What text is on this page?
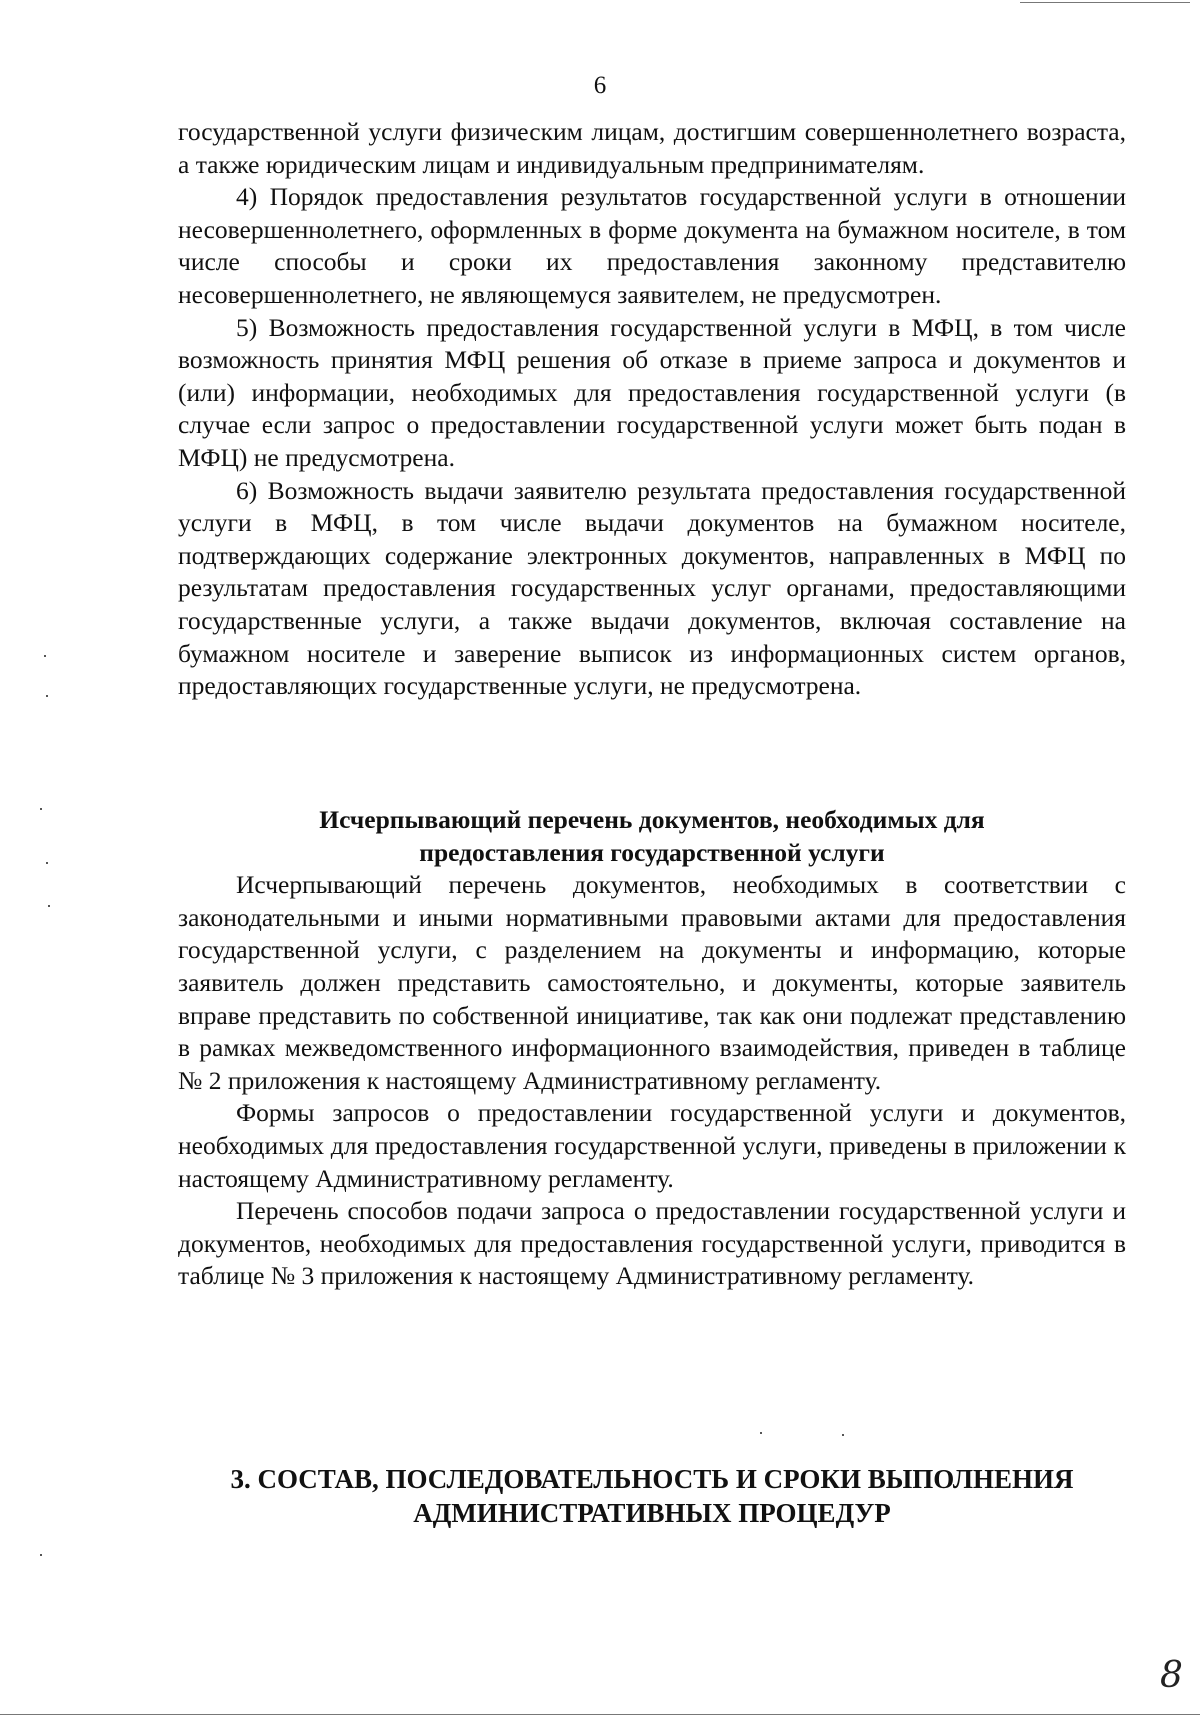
6

государственной услуги физическим лицам, достигшим совершеннолетнего возраста, а также юридическим лицам и индивидуальным предпринимателям.

4) Порядок предоставления результатов государственной услуги в отношении несовершеннолетнего, оформленных в форме документа на бумажном носителе, в том числе способы и сроки их предоставления законному представителю несовершеннолетнего, не являющемуся заявителем, не предусмотрен.

5) Возможность предоставления государственной услуги в МФЦ, в том числе возможность принятия МФЦ решения об отказе в приеме запроса и документов и (или) информации, необходимых для предоставления государственной услуги (в случае если запрос о предоставлении государственной услуги может быть подан в МФЦ) не предусмотрена.

6) Возможность выдачи заявителю результата предоставления государственной услуги в МФЦ, в том числе выдачи документов на бумажном носителе, подтверждающих содержание электронных документов, направленных в МФЦ по результатам предоставления государственных услуг органами, предоставляющими государственные услуги, а также выдачи документов, включая составление на бумажном носителе и заверение выписок из информационных систем органов, предоставляющих государственные услуги, не предусмотрена.

Исчерпывающий перечень документов, необходимых для
предоставления государственной услуги

Исчерпывающий перечень документов, необходимых в соответствии с законодательными и иными нормативными правовыми актами для предоставления государственной услуги, с разделением на документы и информацию, которые заявитель должен представить самостоятельно, и документы, которые заявитель вправе представить по собственной инициативе, так как они подлежат представлению в рамках межведомственного информационного взаимодействия, приведен в таблице № 2 приложения к настоящему Административному регламенту.

Формы запросов о предоставлении государственной услуги и документов, необходимых для предоставления государственной услуги, приведены в приложении к настоящему Административному регламенту.

Перечень способов подачи запроса о предоставлении государственной услуги и документов, необходимых для предоставления государственной услуги, приводится в таблице № 3 приложения к настоящему Административному регламенту.

3. СОСТАВ, ПОСЛЕДОВАТЕЛЬНОСТЬ И СРОКИ ВЫПОЛНЕНИЯ
АДМИНИСТРАТИВНЫХ ПРОЦЕДУР
8
